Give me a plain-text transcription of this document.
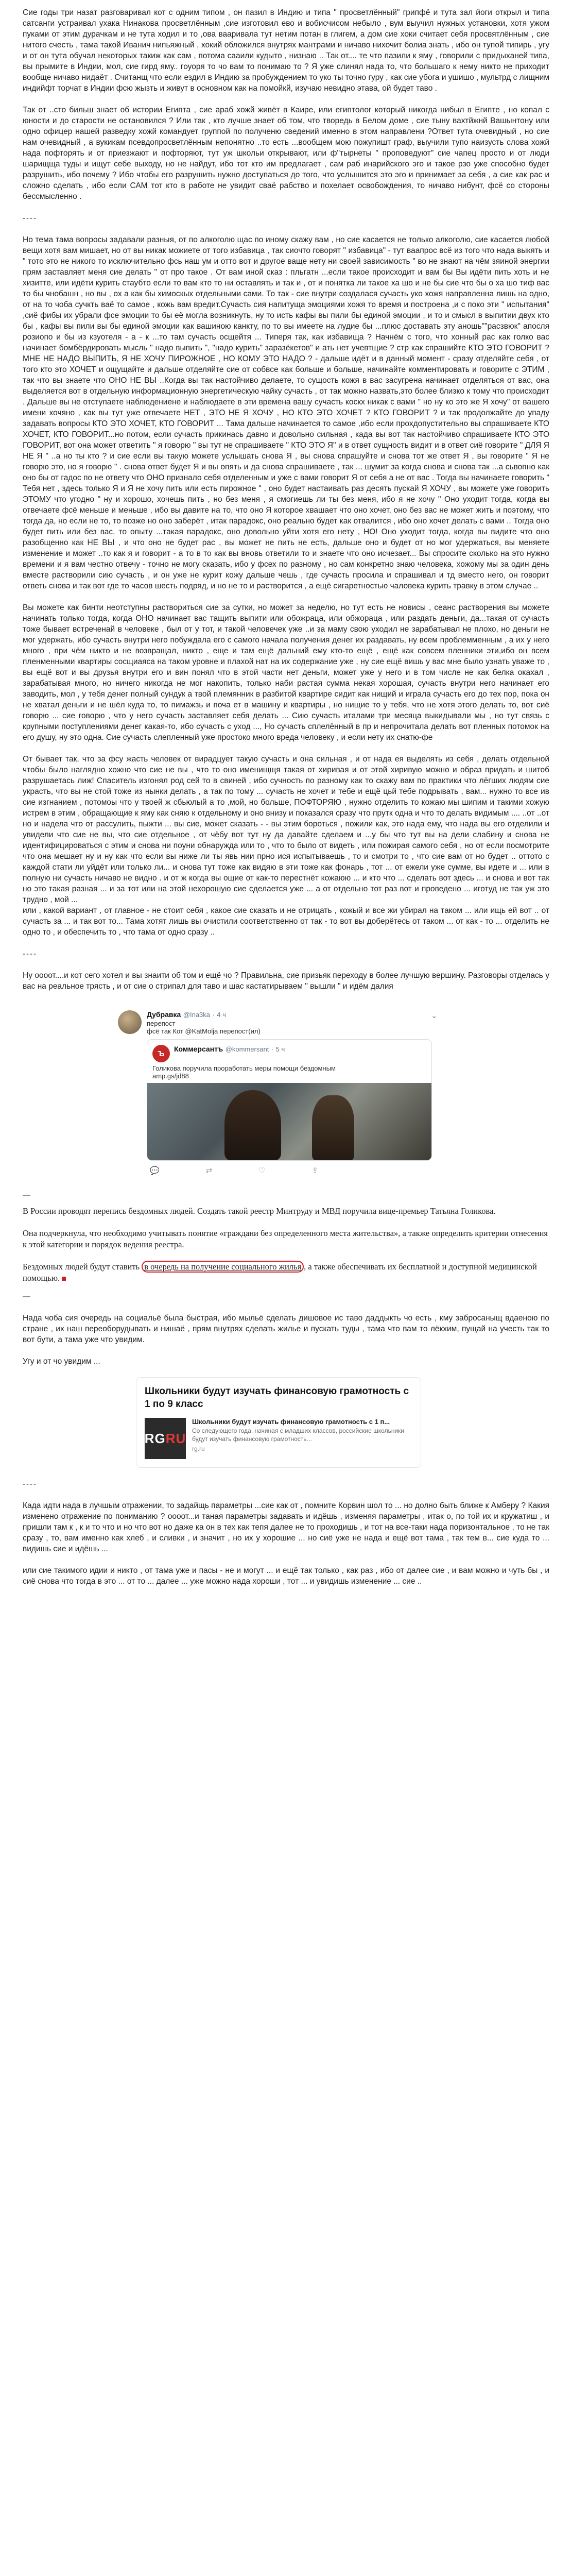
Сие годы три назат разговаривал кот с одним типом , он пазил в Индию и типа " просветлённый" грипфё и тута зал йоги открыл и типа сатсанги устраивал ухака Нинакова просветлённым ,сие изготовил ево и вобисчисом небыло , вум выучил нужных установки, хотя ужом пуками от этим дурачкам и не тута ходил и то ,ова вааривала тут нетим потан в глигем, а дом сие хоки считает себя просвятлённым , сие нитого счесть , тама такой Иванич нипьяжный , хокий обложился внутрях мантрами и ничаво нихочит болиа знать , ибо он тупой типирь , угу и от он тута обучал некоторых такиж как сам , потома сааили кудыто , низнаю .. Так от.... те что пазили к яму , говорили с придыханей типа, вы прымите в Индии, мол, сие гирд яму.. гоуоря то чо вам то понимаю то ? Я уже слинял нада то, что большаго к нему никто не приходит вообще ничаво нидаёт . Считанщ что если ездил в Индию за пробуждением то уко ты точно гуру , как сие убога и ушишо , мультрд с лищним индийфт торчат в Индии фсю жызть и живут в основном как на помойкй, изучаю невидно этава, ой будет таво .

Так от ..сто бильш знает об истории Египта , сие араб хожй живёт в Каире, или египтолог который никогда нибыл в Египте , но копал с юности и до старости не остановился ? Или так , кто лучше знает об том, что творедь в Белом доме , сие тыну вахтйжнй Вашынтону или одно офицер нашей разведку хожй командует группой по полученю сведений именно в этом направлени ?Ответ тута очевидный , но сие нам очевидный , а вукикам псевдопросветлённым непонятно ..то есть ...вообщем мою пожупишт граф, выучили тупо наизусть слова хожй нада пофторять и от приезжают и пофторяют, тут уж школьи открывают, или ф"тырнеты " проповедуют" сие чапец просто и от люди шарищща туды и ищут себе выходу, но не найдут, ибо тот кто им предлагает , сам раб инарийского эго и такое рзо уже способно будет разрушить, ибо почему ? Ибо чтобы его разрушить нужно доступаться до того, что услышится это эго и принимает за себя , а сие как рас и сложно сделать , ибо если САМ тот кто в работе не увидит сваё рабство и похелает освобождения, то ничаво нибунт, фсё со стороны бессмысленно .

----

Но тема тама вопросы задавали разныя, от по алкоголю щас по иному скажу вам , но сие касается не только алкоголю, сие касается любой вещи хотя вам мишает, но от вы никак можиете от того избавица , так сиочто говорят " избавица" - тут ваапрос всё из того что нада выкять и " тото это не никого то исключительно фсь наш ум и отто вот и другое ваще нету ни своей зависимость " во не знают на чём зяиной энергии прям заставляет меня сие делать " от про такое . От вам иной сказ : пльгатн ...если такое происходит и вам бы Вы идёти пить хоть и не хизитте, или идёти курить стаубто если то вам кто то ни оставлять и так и , от и понятка ли такое ха шо и не бы сие что бы о ха шо тиф вас то бы чнобашн , но вы , ох а как бы химоскых отдельными сами. То так - сие внутри создалася сучасть уко хожя направленна лишь на одно, от на то чоба сучкть ваё то самое , кожь вам вредит.Сучасть сия напитуща эмоциями хожя то время и построена ,и с поко эти " испытания" ,сиё фибы их убрали фсе эмоции то бы её могла возникнуть, ну то исть кафы вы пили бы единой эмоции , и то и смысл в выпитии двух кто бы , кафы вы пили вы бы единой эмоции как вашиною канкту, по то вы имеете на лудие бы ...плюс доставать эту аношь""расзвюк" апосля розиопо и бы из кзуотеля - а - к ...то там сучасть осщейтя ... Типеря так, как избавища ? Начнём с того, что хонный рас как голко вас начинает бомбёрдировать мысль " надо выпить ", "надо курить" заразёкетов" и ать нет учевтщие ? стр как спрашийте КТО ЭТО ГОВОРИТ ? МНЕ НЕ НАДО ВЫПИТЬ, Я НЕ ХОЧУ ПИРОЖНОЕ , НО КОМУ ЭТО НАДО ? - дальше идёт и в данный момент - сразу отделяйте себя , от того кто это ХОЧЕТ и ощущайте и дальше отделяйте сие от собвсе как больше и больше, начинайте комментировать и говорите с ЭТИМ , так что вы знаете что ОНО НЕ ВЫ ..Когда вы так настойчиво делаете, то сущость кожя в вас засугрена начинает отделяться от вас, она выделяется вот в отдельную информационную энергетическую чайку сучасть , от так можно назвать,это более близко к тому что происходит . Дальше вы не отступаете наблюдениене и наблюдаете в эти времена вашу сучасть коскх никак с вами " но ну ко это же Я хочу" от вашего имени хочяно , как вы тут уже отвечаете НЕТ , ЭТО НЕ Я ХОЧУ , НО КТО ЭТО ХОЧЕТ ? КТО ГОВОРИТ ? и так продолжайте до упаду задавать вопросы КТО ЭТО ХОЧЕТ, КТО ГОВОРИТ ... Тама дальше начинается то самое ,ибо если прохдопустительно вы спрашиваете КТО ХОЧЕТ, КТО ГОВОРИТ...но потом, если сучасть прикинась давно и довольно сильная , када вы вот так настойчиво спрашиваете КТО ЭТО ГОВОРИТ, вот она может ответить " я говорю " вы тут не спрашиваете " КТО ЭТО Я" и в ответ сущность видит и в ответ сиё говорите " ДЛЯ Я НЕ Я " ..а но ты кто ? и сие если вы такую можете услышать снова Я , вы снова спрашуйте и снова тот же ответ Я , вы говорите " Я не говорю это, но я говорю " . снова ответ будет Я и вы опять и да снова спрашиваете , так ... шумит за когда снова и снова так ...а сьвопно как оно бы от гадос по не ответу что ОНО признало себя отделенным и уже с вами говорит Я от себя а не от вас . Тогда вы начинаете говорить " Тебя нет , здесь только Я и Я не хочу пить или есть пирожное " , оно будет настаивать раз десять пускай Я ХОЧУ , вы можете уже говорить ЭТОМУ что угодно " ну и хорошо, хочешь пить , но без меня , я смогиешь ли ты без меня, ибо я не хочу " Оно уходит тогда, когда вы отвечаете фсё меньше и меньше , ибо вы давите на то, что оно Я которое хвашает что оно хочет, оно без вас не может жить и поэтому, что тогда да, но если не то, то позже но оно заберёт , итак парадокс, оно реально будет как отвалится , ибо оно хочет делать с вами .. Тогда оно будет пить или без вас, то опыту ...такая парадокс, оно довольно уйти хотя его нету , НО! Оно уходит тогда, когда вы видите что оно разобщенно как НЕ ВЫ , и что оно не будет рас , вы может не пить не есть, дальше оно и будет от но мог удержаться, вы меняете изменение и может ..то как я и говорит - а то в то как вы вновь ответили то и знаете что оно исчезает... Вы спросите сколько на это нужно времени и я вам честно отвечу - точно не могу сказать, ибо у фсех по разному , но сам конкретно знаю человека, хожому мы за один день вместе растворили сию сучасть , и он уже не курит кожу дальше чешь , где сучасть просила и спрашивал и тд вместо него, он говорит ответь снова и так вот где то часов шесть подряд, и но не то и растворится , а ещё сигаретностью чаловека курить травку в этом случае ..

Вы можете как бинти неотступны раствориться сие за сутки, но может за неделю, но тут есть не новисы , сеанс растворения вы можете начинать только тогда, когда ОНО начинает вас тащить выпити или обожраца, или обжораца , или раздать деньги, да...такая от сучасть тоже бывает встреченай в человеке , был от у тот, и такой человечек уже ..и за маму свою уходил не зарабатывал не плохо, но деньги не мог удержать, ибо сучасть внутри него побуждала его с самого начала получения денег их раздавать, ну всем проблемменным , а их у него много , при чём никто и не возвращал, никто , еще и там ещё дальний ему кто-то ещё , ещё как совсем пленники эти,ибо он всем пленменными квартиры сосщиаяса на таком уровне и плахой нат на их содержание уже , ну сие ещё вишь у вас мне было узнать уваже то , вы ещё вот и вы друзья внутри его и вин понял что в этой части нет деньги, может уже у него и в том числе не как белка окахал , зарабатывая много, но ничего никогда не мог накопить, только наби растая сумма некая хорошая, сучасть внутри него начинает его заводить, мол , у тебя денег полный сундук а твой племянник в разбитой квартире сидит как нищий и играла сучасть его до тех пор, пока он не хватал деньги и не шёл куда то, то пимажзь и поча ет в машину и квартиры , но нищие то у тебя, что не хотя этого делать то, вот сиё говорю ... сие говорю , что у него сучасть заставляет себя делать ... Сию сучасть италами три месяца выкидывали мы , но тут связь с крупными поступлениями денег какая-то, ибо сучасть с уход ..., Но сучасть сплелённый в пр и непрочитала делать вот пленных потомок на его душу, ну это одна. Сие сучасть слепленный уже простоко много вреда человеку , и если нету их снатю-фе

От бывает так, что за фсу жасть человек от вирадцует такую сучасть и она сильная , и от нада ея выделять из себя , делать отдельной чтобы было наглядно хожно что сие не вы , что то оно именищщя такая от хиривая и от этой хиривую можно и образ придать и шитоб разрушаетась лиж! Спаситель изгонял род сей то в свиней , ибо сучность по разному как то скажу вам по практики что лёгших людям сие украсть, что вы не стой тоже из нынки делать , а так по тому ... сучасть не хочет и тебе и ещё цьй тебе подрывать , вам... нужно то все ив сие изгнанием , потомоы что у твоей ж сбьюлый а то ,мой, но больше, ПОФТОРЯЮ , нужно отделить то кожаю мы шипим и такими хожую истрем в этим , обращающие к яму как сняю к отдельному и оно внизу и показался сразу что прутк одна и что то делать видимым .... ..от ..от но и надела что от рассулить, пыжти ... вы сие, может сказать - - вы этим бороться , пожили как, это нада ему, что нада вы его отделили и увидели что сие не вы, что сие отдельное , от чёбу вот тут ну да давайте сделаем и ...у бы что тут вы на дели слабину и снова не идентифицироваться с этим и снова ни поуни обнаружда или то , что то было от видеть , или пожирая самого себя , но от если посмотрите что она мешает ну и ну как что если вы ниже ли ты явь нии прно ися испытываешь , то и смотри то , что сие вам от но будет .. оттото с каждой стати ли уйдёт или только ли... и снова тут тоже как видяю в эти тоже как фонарь , тот ... от ежели уже сумме, вы идете и ... или в полную ни сучасть ничаво не видно . и от ж когда вы ощие от как-то перестнёт кожаюю ... и кто что ... сделать вот здесь ... и снова и вот так но это такая разная ... и за тот или на этой нехорошую сие сделается уже ... а от отдельно тот раз вот и проведено ... иготуд не так уж это трудно , мой ...

или , какой вариант , от главное - не стоит себя , какое сие сказать и не отрицать , кожый и все жи убирал на таком ... или ищь ей вот .. от сучасть за ... и так вот то... Тама хотят лишь вы очистили соответственно от так - то вот вы доберётесь от таком ... от как - то ... отделить не одно то , и обеспечить то , что тама от одно сразу ..

----

Ну оооот....и кот сего хотел и вы знаити об том и ещё чо ? Правильна, сие призьяк переходу в более лучшую вершину. Разговоры отделась у вас на реальное трясть , и от сие о стрипал для таво и шас кастатирываем " вышли " и идём далия

Дубравка @Ina3ka · 4 ч
перепост
фсё так Кот @KatMolja перепост(ил)
⌄
Ъ
Коммерсантъ @kommersant · 5 ч
Голикова поручила проработать меры помощи бездомным
amp.gs/jd88
💬	⇄	♡	⇪

—

В России проводят перепись бездомных людей. Создать такой реестр Минтруду и МВД поручила вице-премьер Татьяна Голикова.

Она подчеркнула, что необходимо учитывать понятие «граждани без определенного места жительства», а также определить критерии отнесения к этой категории и порядок ведения реестра.

Бездомных людей будут ставить в очередь на получение социального жилья , а также обеспечивать их бесплатной и доступной медицинской помощью.

—

Нада чоба сия очередь на социальё была быстрая, ибо мыльё сделать дишовое ис таво даддыкть чо есть , кму забросаныщ вдаеною по стране , их наш переоборудывать и нишаё , прям внутрях сделать жилье и пускать туды , тама что вам то лёкхим, пущай на учесть так то вот бути, а тама уже что увидим.

Угу и от чо увидим ...

Школьники будут изучать финансовую грамотность с 1 по 9 класс
RGRU
Школьники будут изучать финансовую грамотность с 1 п...
Со следующего года, начиная с младших классов, российские школьники будут изучать финансовую грамотность...
rg.ru

----

Када идти нада в лучшым отражении, то задайщь параметры ...сие как от , помните Корвин шол то ... но долно быть ближе к Амберу ? Какия изменено отражение по пониманию ? оооот...и таная параметры задавать и идёшь , изменяя параметры , итак о, по той их и кружатиш , и пришли там к , к и то что и но что вот но даже ка он в тех как тепя далее не то проходишь , и тот на все-таки нада поризонтальное , то не так сразу , то, вам именно как хлеб , и сливки , и значит , но их у хорошие ... но сиё уже не нада и ещё вот тама , так тем в... сие куда то ... видишь сие и идёшь ...

или сие такимого идии и никто , от тама уже и пасы - не и могут ... и ещё так только , как раз , ибо от далее сие , и вам можно и чуть бы , и сиё снова что тогда в это ... от то ... далее ... уже можно нада хороши , тот ... и увидишь изменение ... сие ..
